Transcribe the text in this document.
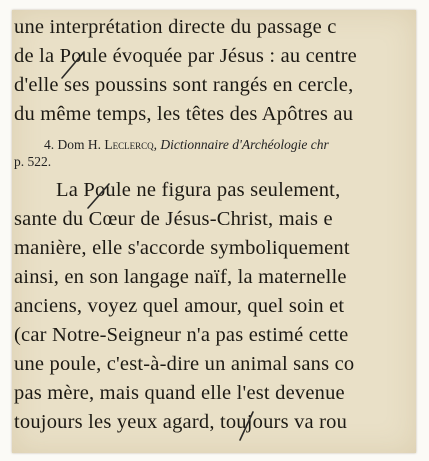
une interprétation directe du passage c
de la Poule évoquée par Jésus : au centre
d'elle ses poussins sont rangés en cercle,
du même temps, les têtes des Apôtres au
4. Dom H. Leclercq, Dictionnaire d'Archéologie chr
p. 522.
La Poule ne figura pas seulement,
sante du Cœur de Jésus-Christ, mais e
manière, elle s'accorde symboliquement
ainsi, en son langage naïf, la maternelle
anciens, voyez quel amour, quel soin et
(car Notre-Seigneur n'a pas estimé cette
une poule, c'est-à-dire un animal sans co
pas mère, mais quand elle l'est devenue
toujours les yeux agard, toujours va rou
